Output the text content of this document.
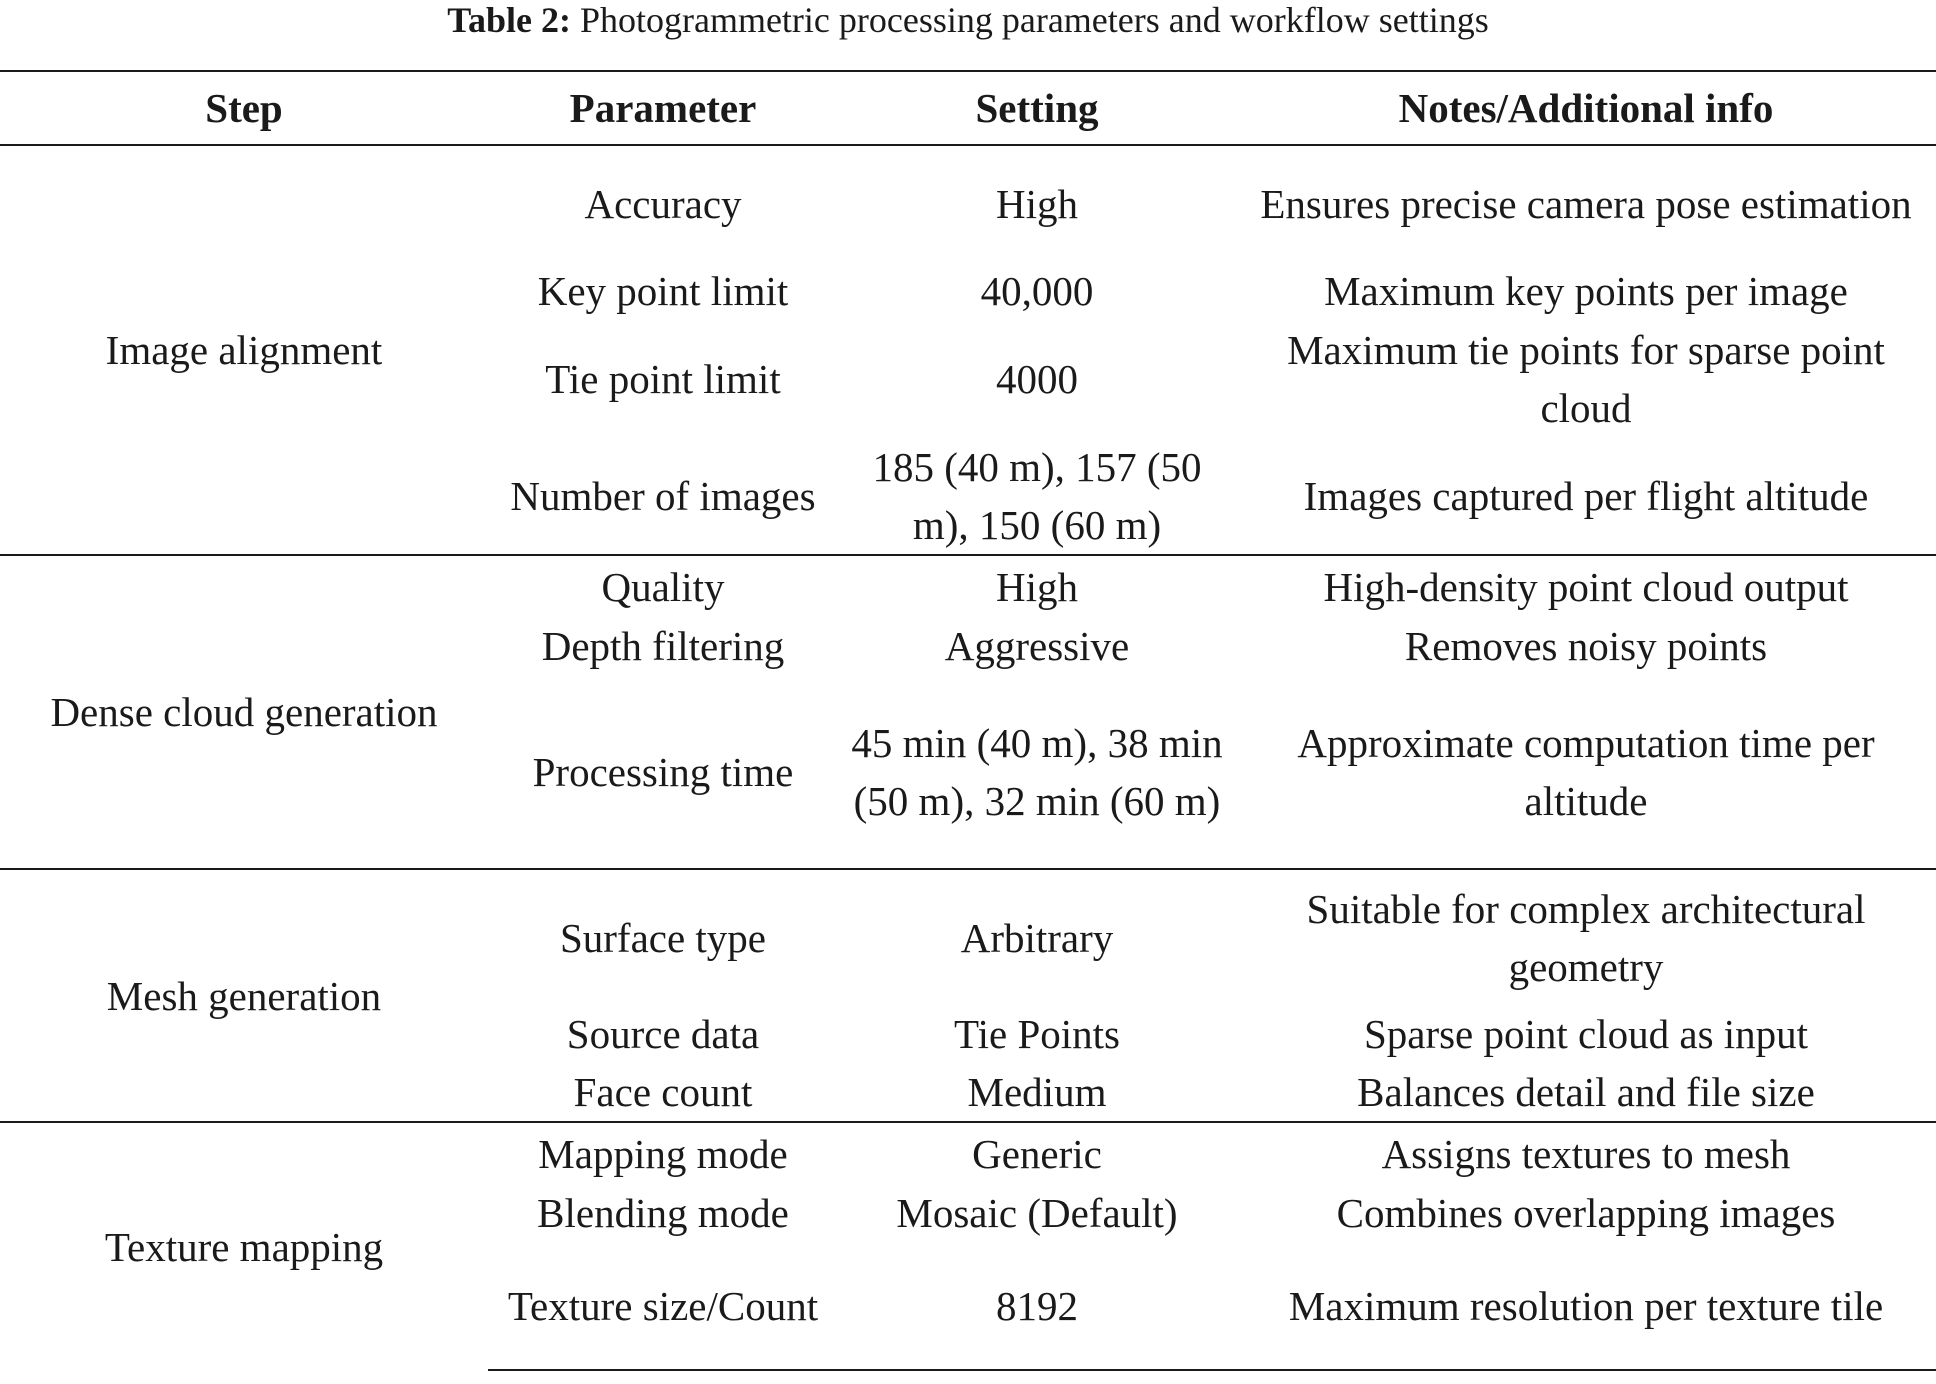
Table 2: Photogrammetric processing parameters and workflow settings
Step	Parameter	Setting	Notes/Additional info
Image alignment	Accuracy	High	Ensures precise camera pose estimation
	Key point limit	40,000	Maximum key points per image
	Tie point limit	4000	Maximum tie points for sparse point cloud
	Number of images	185 (40 m), 157 (50 m), 150 (60 m)	Images captured per flight altitude
Dense cloud generation	Quality	High	High-density point cloud output
	Depth filtering	Aggressive	Removes noisy points
	Processing time	45 min (40 m), 38 min (50 m), 32 min (60 m)	Approximate computation time per altitude
Mesh generation	Surface type	Arbitrary	Suitable for complex architectural geometry
	Source data	Tie Points	Sparse point cloud as input
	Face count	Medium	Balances detail and file size
Texture mapping	Mapping mode	Generic	Assigns textures to mesh
	Blending mode	Mosaic (Default)	Combines overlapping images
	Texture size/Count	8192	Maximum resolution per texture tile
